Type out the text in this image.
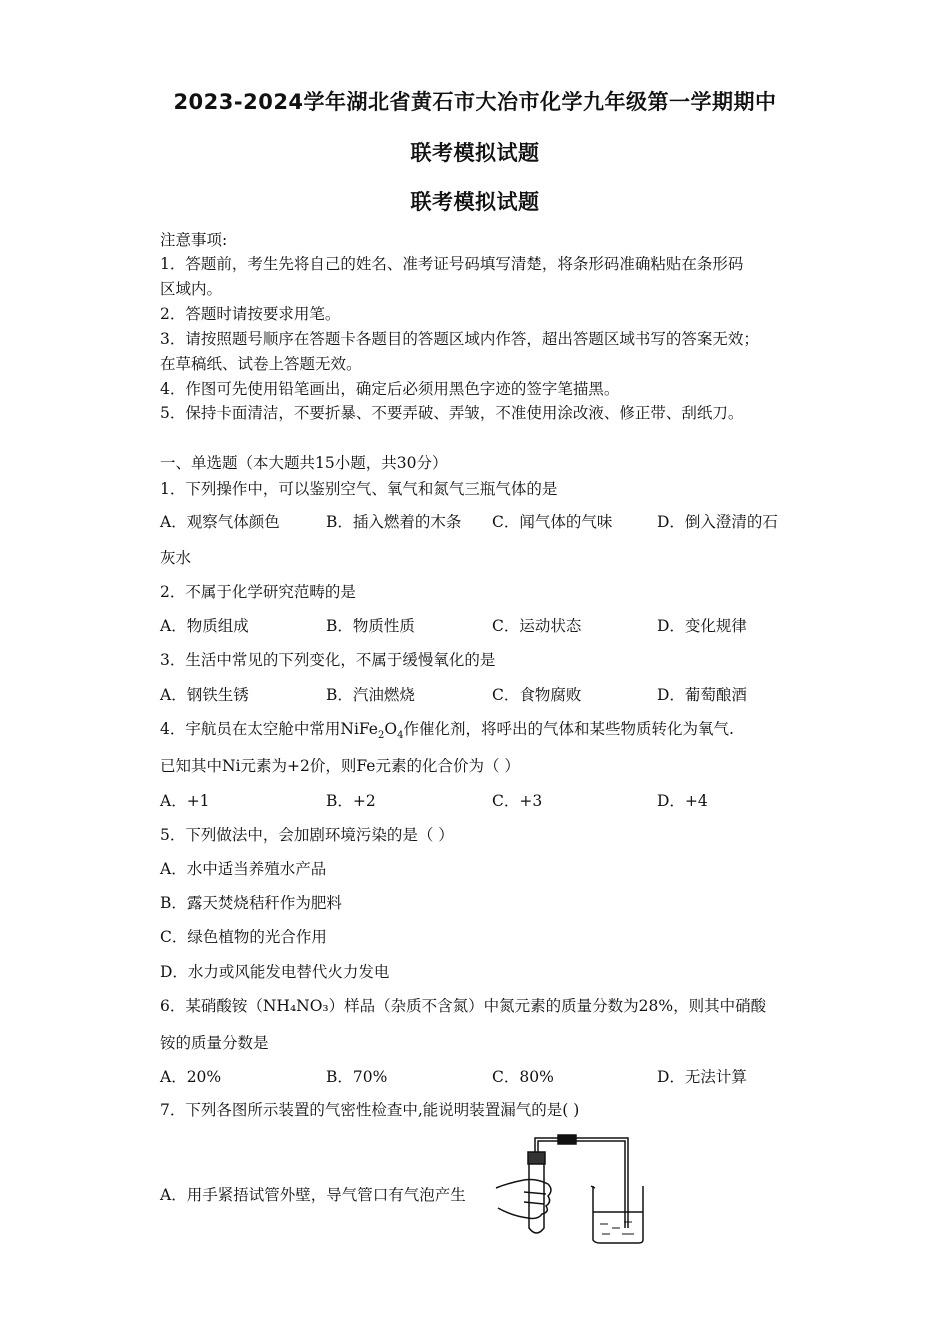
2023-2024学年湖北省黄石市大冶市化学九年级第一学期期中
联考模拟试题
联考模拟试题
注意事项:
1．答题前，考生先将自己的姓名、准考证号码填写清楚，将条形码准确粘贴在条形码
区域内。
2．答题时请按要求用笔。
3．请按照题号顺序在答题卡各题目的答题区域内作答，超出答题区域书写的答案无效；
在草稿纸、试卷上答题无效。
4．作图可先使用铅笔画出，确定后必须用黑色字迹的签字笔描黑。
5．保持卡面清洁，不要折暴、不要弄破、弄皱，不准使用涂改液、修正带、刮纸刀。
一、单选题（本大题共15小题，共30分）
1．下列操作中，可以鉴别空气、氧气和氮气三瓶气体的是
A．观察气体颜色	B．插入燃着的木条 C．闻气体的气味	D．倒入澄清的石
灰水
2．不属于化学研究范畴的是
A．物质组成	B．物质性质	C．运动状态	D．变化规律
3．生活中常见的下列变化，不属于缓慢氧化的是
A．钢铁生锈	B．汽油燃烧	C．食物腐败	D．葡萄酿酒
4．宇航员在太空舱中常用$NiFe_2O_4$作催化剂，将呼出的气体和某些物质转化为氧气.
已知其中Ni元素为+2价，则Fe元素的化合价为（ ）
A．+1	B．+2	C．+3	D．+4
5．下列做法中，会加剧环境污染的是（ ）
A．水中适当养殖水产品
B．露天焚烧秸秆作为肥料
C．绿色植物的光合作用
D．水力或风能发电替代火力发电
6．某硝酸铵（NH₄NO₃）样品（杂质不含氮）中氮元素的质量分数为28%，则其中硝酸
铵的质量分数是
A．20%	B．70%	C．80%	D．无法计算
7．下列各图所示装置的气密性检查中,能说明装置漏气的是( )
A．用手紧捂试管外壁，导气管口有气泡产生
